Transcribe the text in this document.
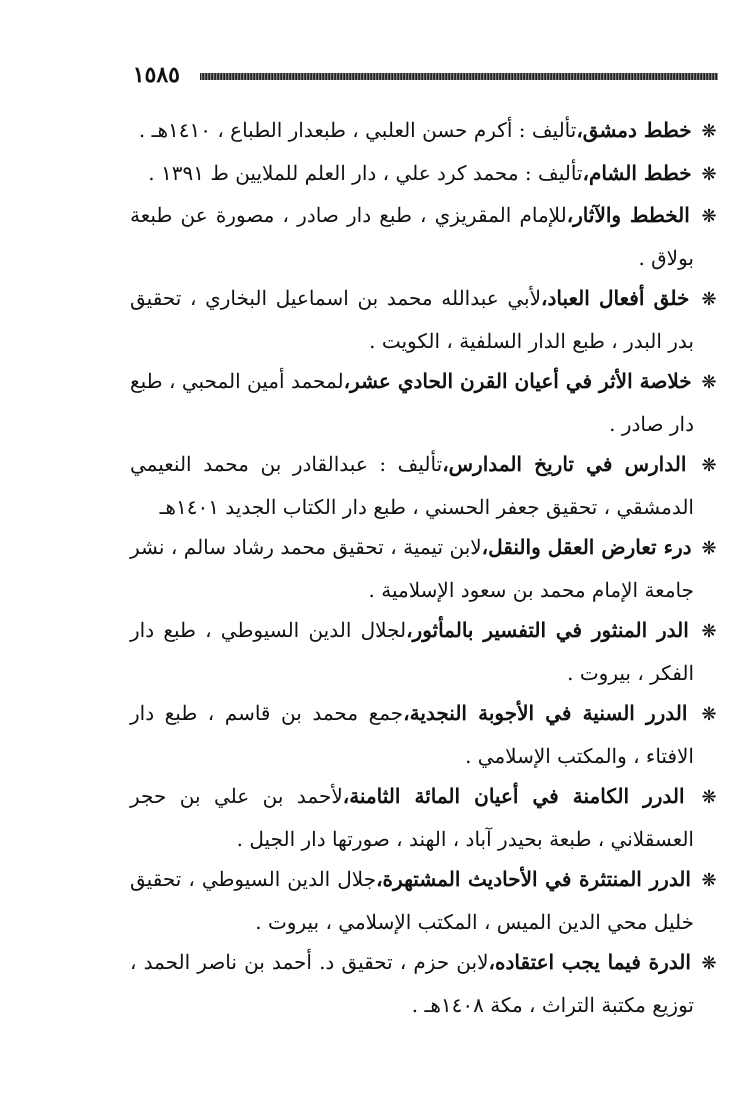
١٥٨٥

❋ خطط دمشق،تأليف : أكرم حسن العلبي ، طبعدار الطباع ، ١٤١٠هـ .

❋ خطط الشام،تأليف : محمد كرد علي ، دار العلم للملايين ط ١٣٩١ .

❋ الخطط والآثار،للإمام المقريزي ، طبع دار صادر ، مصورة عن طبعة بولاق .

❋ خلق أفعال العباد،لأبي عبدالله محمد بن اسماعيل البخاري ، تحقيق بدر البدر ، طبع الدار السلفية ، الكويت .

❋ خلاصة الأثر في أعيان القرن الحادي عشر،لمحمد أمين المحبي ، طبع دار صادر .

❋ الدارس في تاريخ المدارس،تأليف : عبدالقادر بن محمد النعيمي الدمشقي ، تحقيق جعفر الحسني ، طبع دار الكتاب الجديد ١٤٠١هـ

❋ درء تعارض العقل والنقل،لابن تيمية ، تحقيق محمد رشاد سالم ، نشر جامعة الإمام محمد بن سعود الإسلامية .

❋ الدر المنثور في التفسير بالمأثور،لجلال الدين السيوطي ، طبع دار الفكر ، بيروت .

❋ الدرر السنية في الأجوبة النجدية،جمع محمد بن قاسم ، طبع دار الافتاء ، والمكتب الإسلامي .

❋ الدرر الكامنة في أعيان المائة الثامنة،لأحمد بن علي بن حجر العسقلاني ، طبعة بحيدر آباد ، الهند ، صورتها دار الجيل .

❋ الدرر المنتثرة في الأحاديث المشتهرة،جلال الدين السيوطي ، تحقيق خليل محي الدين الميس ، المكتب الإسلامي ، بيروت .

❋ الدرة فيما يجب اعتقاده،لابن حزم ، تحقيق د. أحمد بن ناصر الحمد ، توزيع مكتبة التراث ، مكة ١٤٠٨هـ .
